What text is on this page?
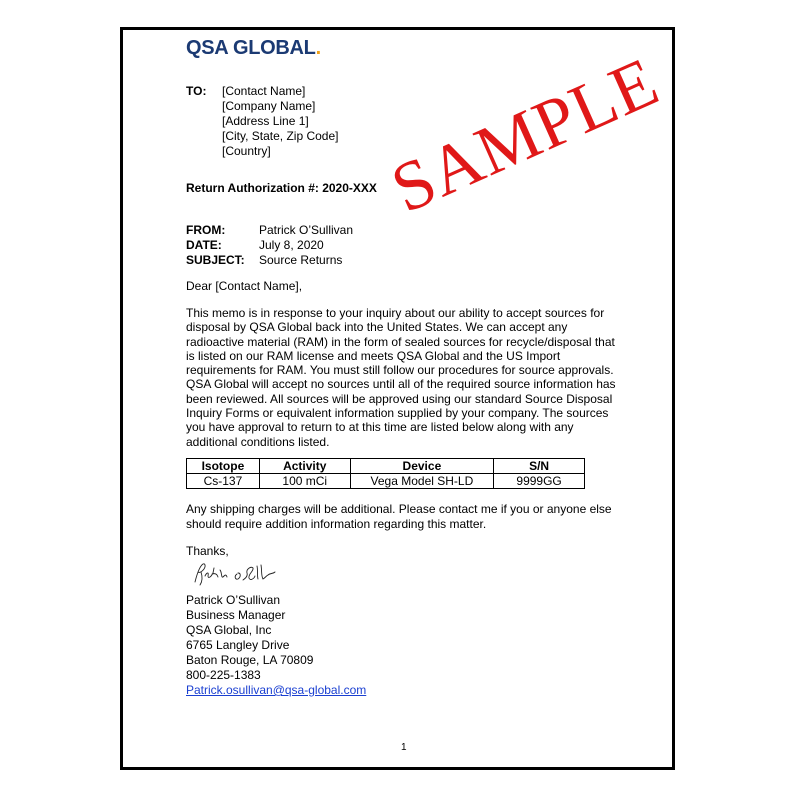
QSA GLOBAL.
TO: [Contact Name]
[Company Name]
[Address Line 1]
[City, State, Zip Code]
[Country]
Return Authorization #: 2020-XXX SAMPLE
FROM:	Patrick O’Sullivan
DATE:	July 8, 2020
SUBJECT: Source Returns
Dear [Contact Name],
This memo is in response to your inquiry about our ability to accept sources for
disposal by QSA Global back into the United States. We can accept any
radioactive material (RAM) in the form of sealed sources for recycle/disposal that
is listed on our RAM license and meets QSA Global and the US Import
requirements for RAM. You must still follow our procedures for source approvals.
QSA Global will accept no sources until all of the required source information has
been reviewed. All sources will be approved using our standard Source Disposal
Inquiry Forms or equivalent information supplied by your company. The sources
you have approval to return to at this time are listed below along with any
additional conditions listed.
Isotope	Activity	Device	S/N
Cs-137	100 mCi	Vega Model SH-LD	9999GG
Any shipping charges will be additional. Please contact me if you or anyone else
should require addition information regarding this matter.
Thanks,
Patrick O’Sullivan
Business Manager
QSA Global, Inc
6765 Langley Drive
Baton Rouge, LA 70809
800-225-1383
Patrick.osullivan@qsa-global.com
1
